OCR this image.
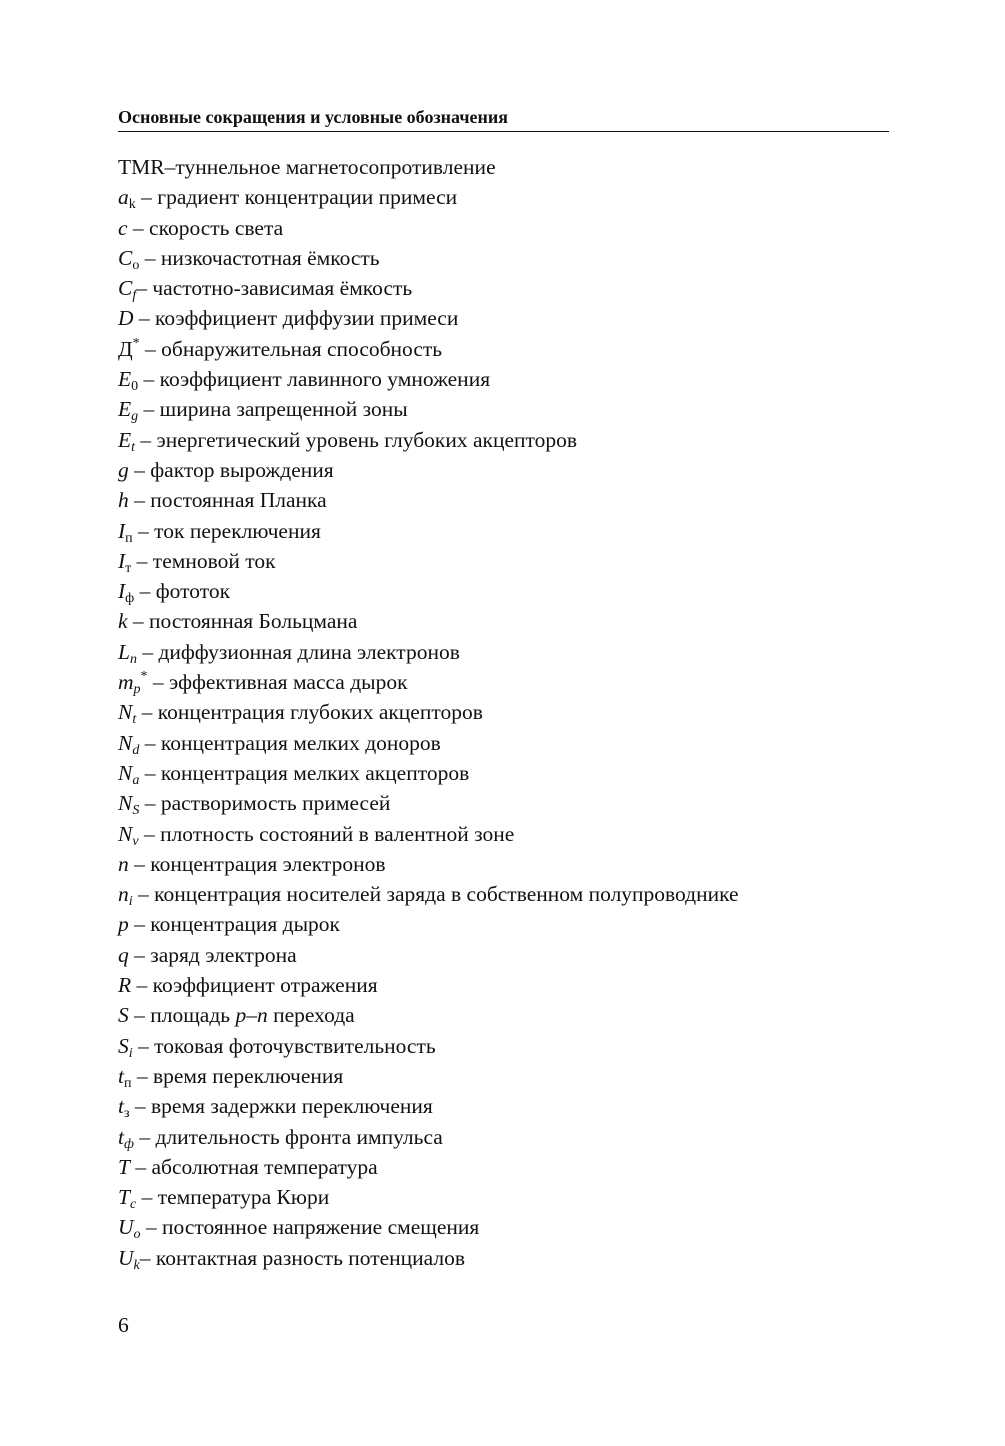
Основные сокращения и условные обозначения
TMR–туннельное магнетосопротивление
$a_k$ – градиент концентрации примеси
c – скорость света
$C_o$ – низкочастотная ёмкость
$C_f-$ частотно-зависимая ёмкость
D – коэффициент диффузии примеси
Д* – обнаружительная способность
$E_0$ – коэффициент лавинного умножения
$E_g$ – ширина запрещенной зоны
$E_t$ – энергетический уровень глубоких акцепторов
g – фактор вырождения
h – постоянная Планка
$I_п$ – ток переключения
$I_т$ – темновой ток
$I_ф$ – фототок
k – постоянная Больцмана
$L_n$ – диффузионная длина электронов
$m_p^*$ – эффективная масса дырок
$N_t$ – концентрация глубоких акцепторов
$N_d$ – концентрация мелких доноров
$N_a$ – концентрация мелких акцепторов
$N_S$ – растворимость примесей
$N_v$ – плотность состояний в валентной зоне
n – концентрация электронов
$n_i$ – концентрация носителей заряда в собственном полупроводнике
p – концентрация дырок
q – заряд электрона
R – коэффициент отражения
S – площадь p–n перехода
$S_i$ – токовая фоточувствительность
$t_п$ – время переключения
$t_з$ – время задержки переключения
$t_ф$ – длительность фронта импульса
T – абсолютная температура
$T_c$ – температура Кюри
$U_o$ – постоянное напряжение смещения
$U_k-$ контактная разность потенциалов
6
